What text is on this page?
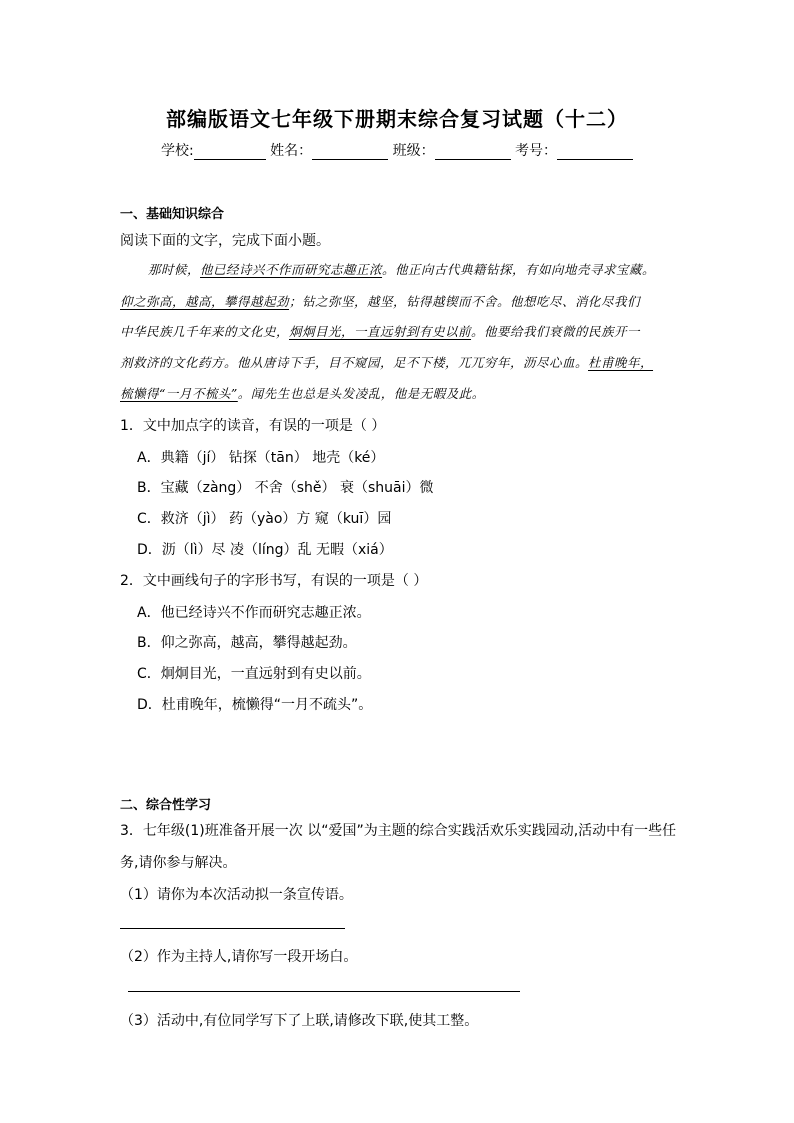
部编版语文七年级下册期末综合复习试题（十二）
学校:	姓名：	班级：	考号：
一、基础知识综合
阅读下面的文字，完成下面小题。
那时候，他已经诗兴不作而研究志趣正浓。他正向古代典籍钻探，有如向地壳寻求宝藏。
仰之弥高，越高，攀得越起劲；钻之弥坚，越坚，钻得越锲而不舍。他想吃尽、消化尽我们
中华民族几千年来的文化史，炯炯目光，一直远射到有史以前。他要给我们衰微的民族开一
剂救济的文化药方。他从唐诗下手，目不窥园，足不下楼，兀兀穷年，沥尽心血。杜甫晚年，
梳懒得“一月不梳头”。闻先生也总是头发凌乱，他是无暇及此。
1．文中加点字的读音，有误的一项是（ ）
A．典籍（jí） 钻探（tān） 地壳（ké）
B．宝藏（zàng） 不舍（shě） 衰（shuāi）微
C．救济（jì） 药（yào）方 窥（kuī）园
D．沥（lì）尽 凌（líng）乱 无暇（xiá）
2．文中画线句子的字形书写，有误的一项是（ ）
A．他已经诗兴不作而研究志趣正浓。
B．仰之弥高，越高，攀得越起劲。
C．炯炯目光，一直远射到有史以前。
D．杜甫晚年，梳懒得“一月不疏头”。
二、综合性学习
3．七年级(1)班准备开展一次 以“爱国”为主题的综合实践活欢乐实践园动,活动中有一些任
务,请你参与解决。
（1）请你为本次活动拟一条宣传语。
（2）作为主持人,请你写一段开场白。
（3）活动中,有位同学写下了上联,请修改下联,使其工整。
